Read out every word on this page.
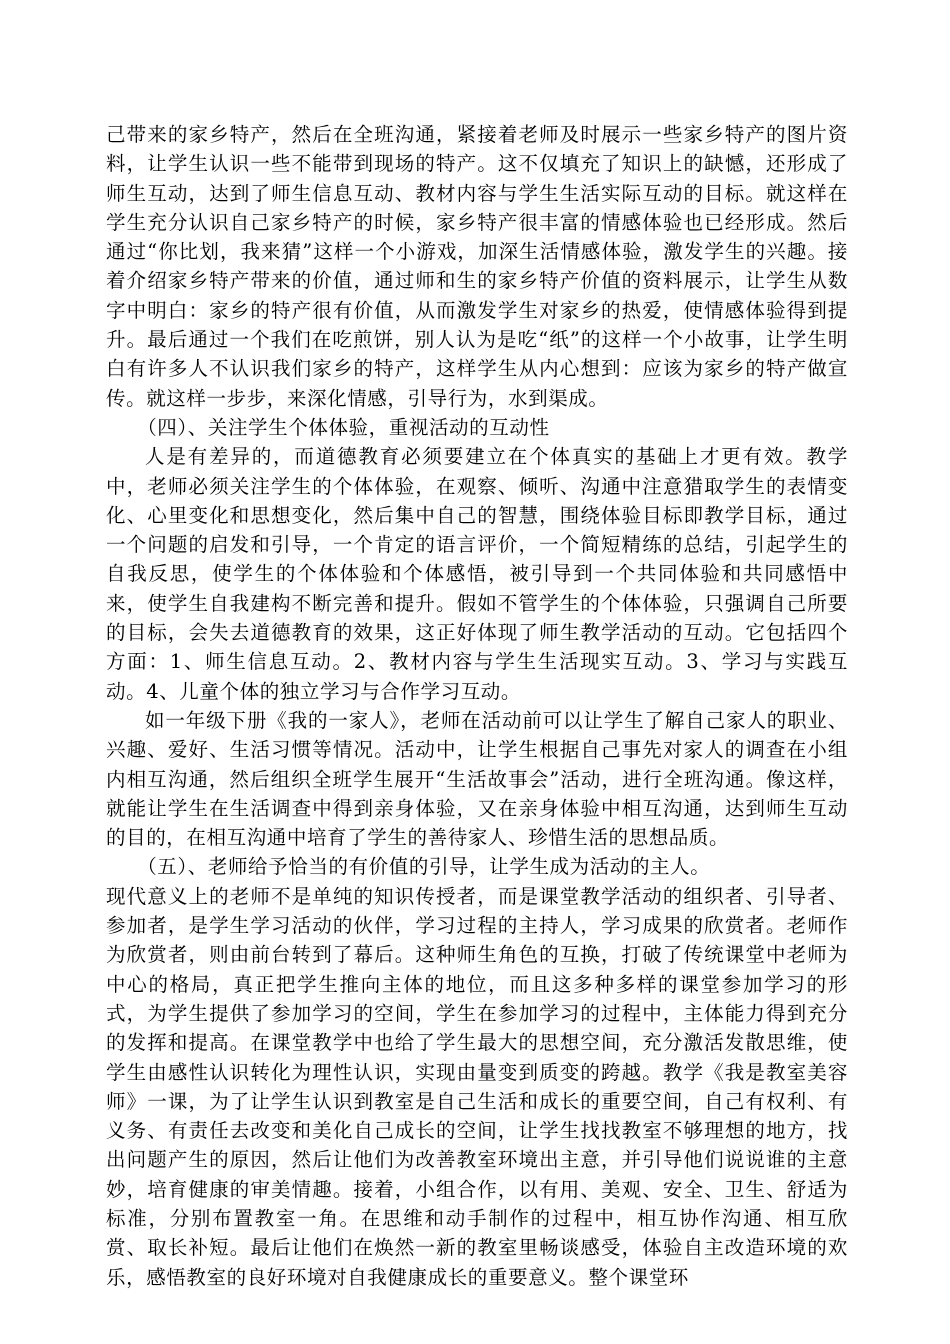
己带来的家乡特产，然后在全班沟通，紧接着老师及时展示一些家乡特产的图片资料，让学生认识一些不能带到现场的特产。这不仅填充了知识上的缺憾，还形成了师生互动，达到了师生信息互动、教材内容与学生生活实际互动的目标。就这样在学生充分认识自己家乡特产的时候，家乡特产很丰富的情感体验也已经形成。然后通过“你比划，我来猜”这样一个小游戏，加深生活情感体验，激发学生的兴趣。接着介绍家乡特产带来的价值，通过师和生的家乡特产价值的资料展示，让学生从数字中明白：家乡的特产很有价值，从而激发学生对家乡的热爱，使情感体验得到提升。最后通过一个我们在吃煎饼，别人认为是吃“纸”的这样一个小故事，让学生明白有许多人不认识我们家乡的特产，这样学生从内心想到：应该为家乡的特产做宣传。就这样一步步，来深化情感，引导行为，水到渠成。

（四）、关注学生个体体验，重视活动的互动性

人是有差异的，而道德教育必须要建立在个体真实的基础上才更有效。教学中，老师必须关注学生的个体体验，在观察、倾听、沟通中注意猎取学生的表情变化、心里变化和思想变化，然后集中自己的智慧，围绕体验目标即教学目标，通过一个问题的启发和引导，一个肯定的语言评价，一个简短精练的总结，引起学生的自我反思，使学生的个体体验和个体感悟，被引导到一个共同体验和共同感悟中来，使学生自我建构不断完善和提升。假如不管学生的个体体验，只强调自己所要的目标，会失去道德教育的效果，这正好体现了师生教学活动的互动。它包括四个方面：1、师生信息互动。2、教材内容与学生生活现实互动。3、学习与实践互动。4、儿童个体的独立学习与合作学习互动。

如一年级下册《我的一家人》，老师在活动前可以让学生了解自己家人的职业、兴趣、爱好、生活习惯等情况。活动中，让学生根据自己事先对家人的调查在小组内相互沟通，然后组织全班学生展开“生活故事会”活动，进行全班沟通。像这样，就能让学生在生活调查中得到亲身体验，又在亲身体验中相互沟通，达到师生互动的目的，在相互沟通中培育了学生的善待家人、珍惜生活的思想品质。

（五）、老师给予恰当的有价值的引导，让学生成为活动的主人。

现代意义上的老师不是单纯的知识传授者，而是课堂教学活动的组织者、引导者、参加者，是学生学习活动的伙伴，学习过程的主持人，学习成果的欣赏者。老师作为欣赏者，则由前台转到了幕后。这种师生角色的互换，打破了传统课堂中老师为中心的格局，真正把学生推向主体的地位，而且这多种多样的课堂参加学习的形式，为学生提供了参加学习的空间，学生在参加学习的过程中，主体能力得到充分的发挥和提高。在课堂教学中也给了学生最大的思想空间，充分激活发散思维，使学生由感性认识转化为理性认识，实现由量变到质变的跨越。教学《我是教室美容师》一课，为了让学生认识到教室是自己生活和成长的重要空间，自己有权利、有义务、有责任去改变和美化自己成长的空间，让学生找找教室不够理想的地方，找出问题产生的原因，然后让他们为改善教室环境出主意，并引导他们说说谁的主意妙，培育健康的审美情趣。接着，小组合作，以有用、美观、安全、卫生、舒适为标准，分别布置教室一角。在思维和动手制作的过程中，相互协作沟通、相互欣赏、取长补短。最后让他们在焕然一新的教室里畅谈感受，体验自主改造环境的欢乐，感悟教室的良好环境对自我健康成长的重要意义。整个课堂环
